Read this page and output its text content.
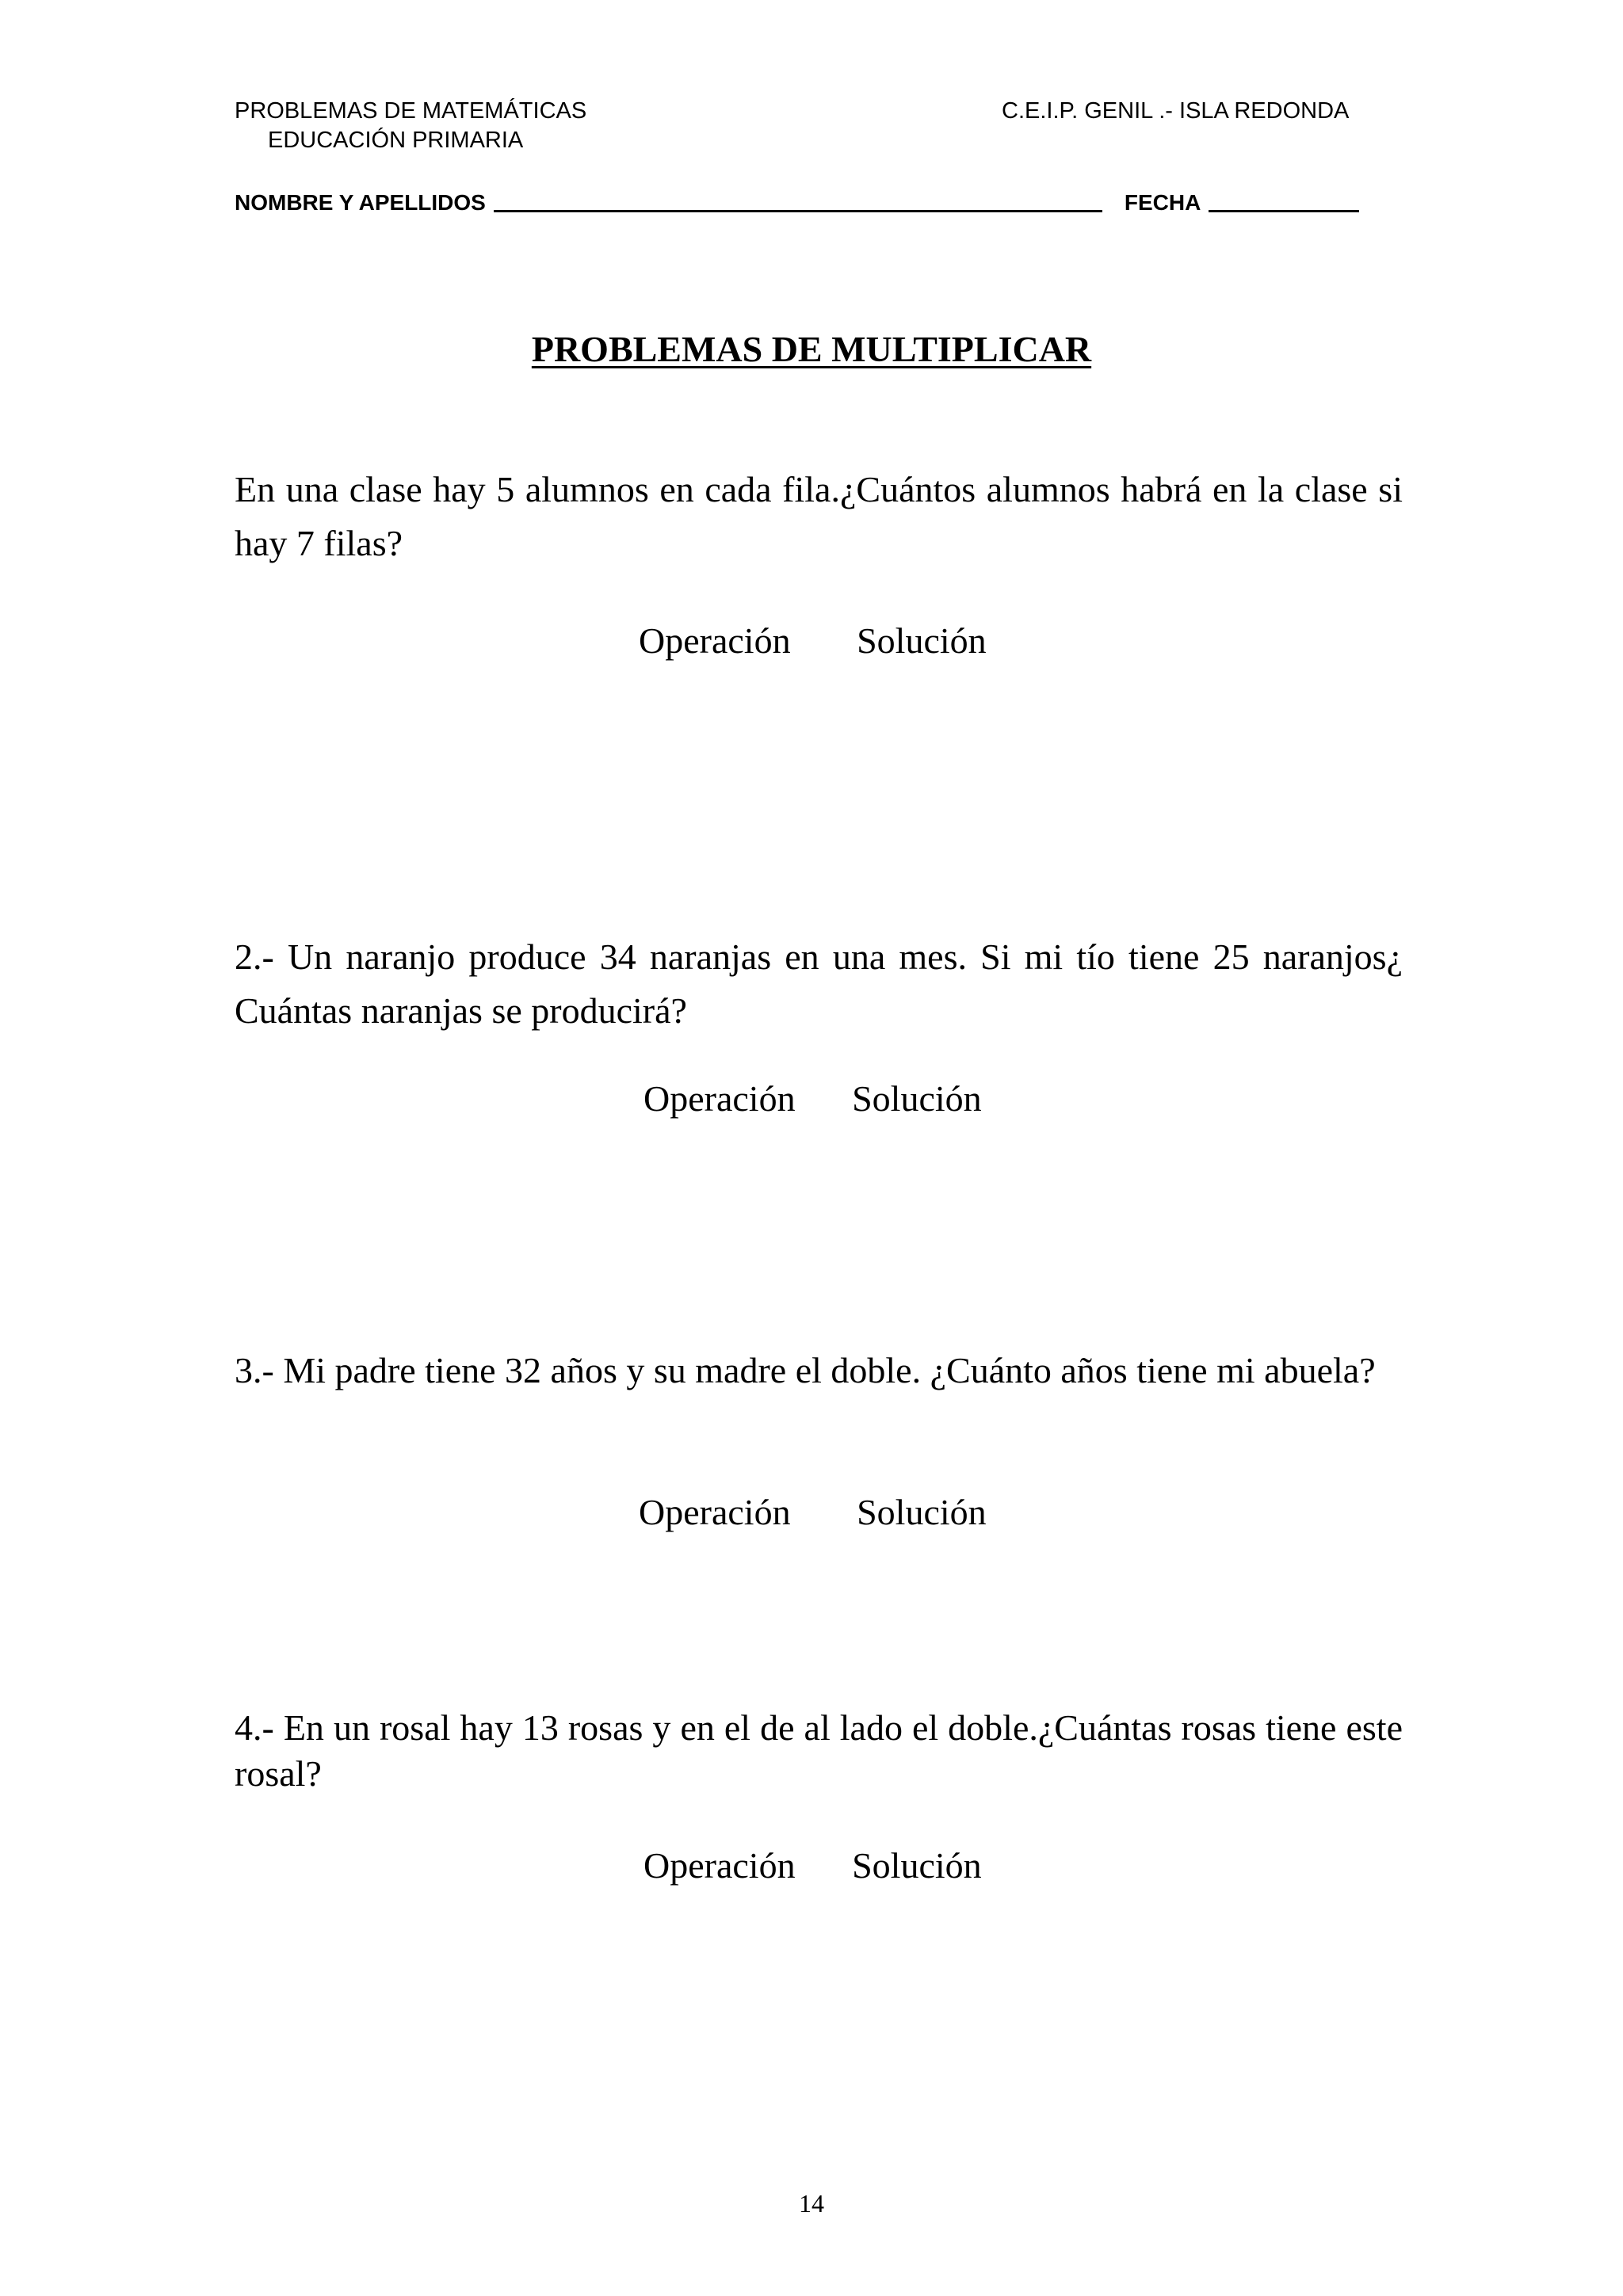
PROBLEMAS DE MATEMÁTICAS
EDUCACIÓN PRIMARIA
C.E.I.P. GENIL .- ISLA REDONDA
NOMBRE Y APELLIDOS	FECHA
PROBLEMAS DE MULTIPLICAR
En una clase hay 5 alumnos en cada fila.¿Cuántos alumnos habrá en la clase si hay 7 filas?
Operación Solución
2.- Un naranjo produce 34 naranjas en una mes. Si mi tío tiene 25 naranjos¿ Cuántas naranjas se producirá?
Operación Solución
3.- Mi padre tiene 32 años y su madre el doble. ¿Cuánto años tiene mi abuela?
Operación Solución
4.- En un rosal hay 13 rosas y en el de al lado el doble.¿Cuántas rosas tiene este rosal?
Operación Solución
14
